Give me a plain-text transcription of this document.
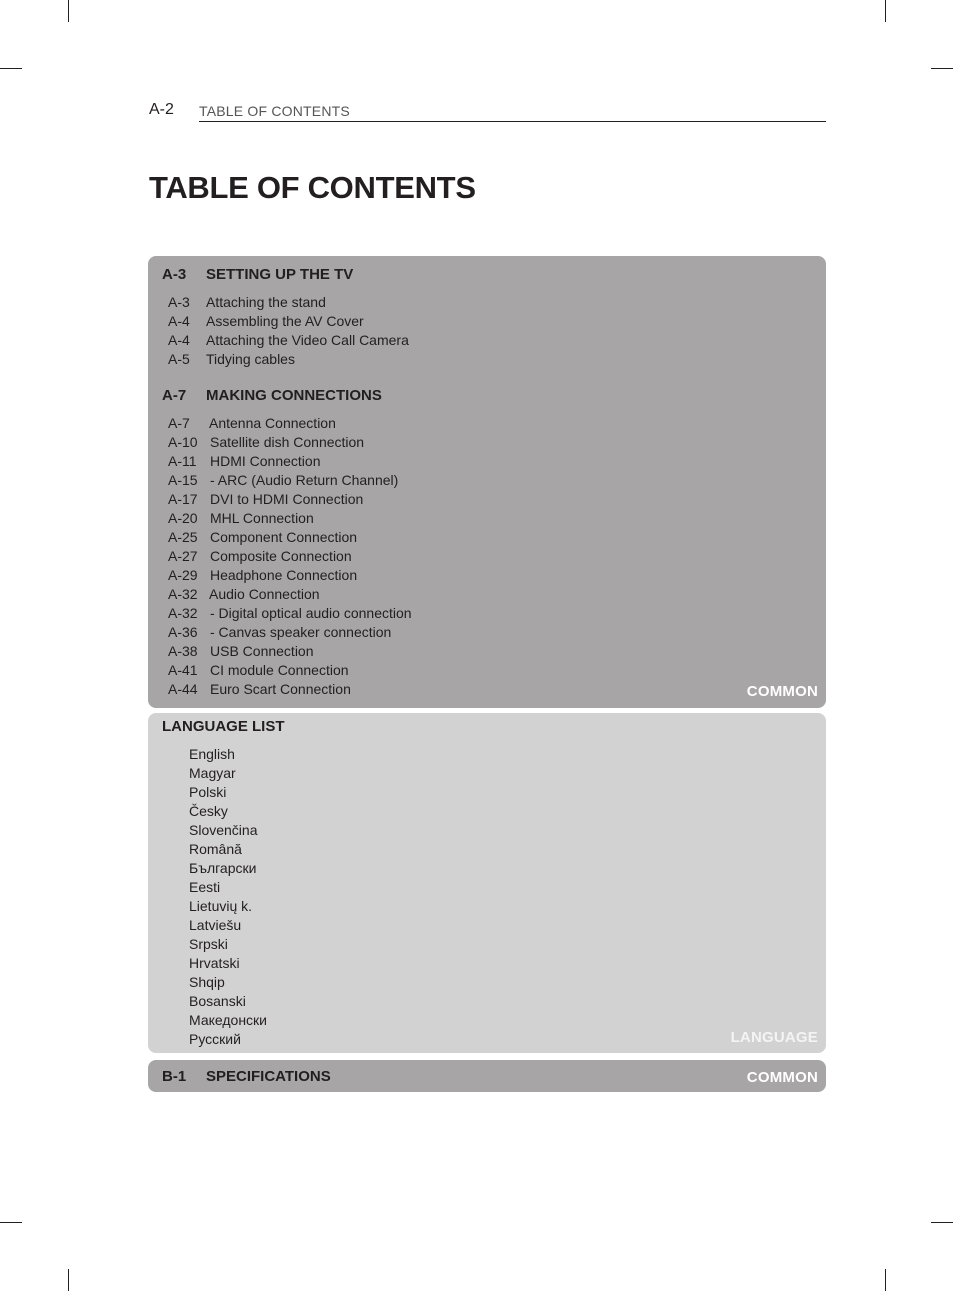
A-2 TABLE OF CONTENTS
TABLE OF CONTENTS
A-3 SETTING UP THE TV
A-3 Attaching the stand
A-4 Assembling the AV Cover
A-4 Attaching the Video Call Camera
A-5 Tidying cables
A-7 MAKING CONNECTIONS
A-7 Antenna Connection
A-10 Satellite dish Connection
A-11 HDMI Connection
A-15 - ARC (Audio Return Channel)
A-17 DVI to HDMI Connection
A-20 MHL Connection
A-25 Component Connection
A-27 Composite Connection
A-29 Headphone Connection
A-32 Audio Connection
A-32 - Digital optical audio connection
A-36 - Canvas speaker connection
A-38 USB Connection
A-41 CI module Connection
A-44 Euro Scart Connection	COMMON
LANGUAGE LIST
English
Magyar
Polski
Česky
Slovenčina
Română
Български
Eesti
Lietuvių k.
Latviešu
Srpski
Hrvatski
Shqip
Bosanski
Македонски
Русский	LANGUAGE
B-1 SPECIFICATIONS	COMMON
